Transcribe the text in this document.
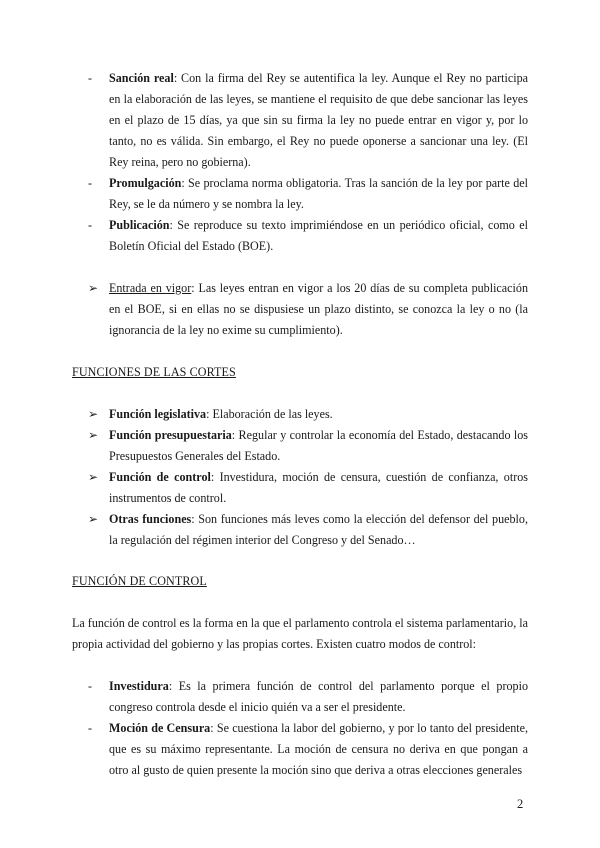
- Sanción real: Con la firma del Rey se autentifica la ley. Aunque el Rey no participa en la elaboración de las leyes, se mantiene el requisito de que debe sancionar las leyes en el plazo de 15 días, ya que sin su firma la ley no puede entrar en vigor y, por lo tanto, no es válida. Sin embargo, el Rey no puede oponerse a sancionar una ley. (El Rey reina, pero no gobierna).
- Promulgación: Se proclama norma obligatoria. Tras la sanción de la ley por parte del Rey, se le da número y se nombra la ley.
- Publicación: Se reproduce su texto imprimiéndose en un periódico oficial, como el Boletín Oficial del Estado (BOE).
➢ Entrada en vigor: Las leyes entran en vigor a los 20 días de su completa publicación en el BOE, si en ellas no se dispusiese un plazo distinto, se conozca la ley o no (la ignorancia de la ley no exime su cumplimiento).
FUNCIONES DE LAS CORTES
➢ Función legislativa: Elaboración de las leyes.
➢ Función presupuestaria: Regular y controlar la economía del Estado, destacando los Presupuestos Generales del Estado.
➢ Función de control: Investidura, moción de censura, cuestión de confianza, otros instrumentos de control.
➢ Otras funciones: Son funciones más leves como la elección del defensor del pueblo, la regulación del régimen interior del Congreso y del Senado…
FUNCIÓN DE CONTROL
La función de control es la forma en la que el parlamento controla el sistema parlamentario, la propia actividad del gobierno y las propias cortes. Existen cuatro modos de control:
- Investidura: Es la primera función de control del parlamento porque el propio congreso controla desde el inicio quién va a ser el presidente.
- Moción de Censura: Se cuestiona la labor del gobierno, y por lo tanto del presidente, que es su máximo representante. La moción de censura no deriva en que pongan a otro al gusto de quien presente la moción sino que deriva a otras elecciones generales
2
